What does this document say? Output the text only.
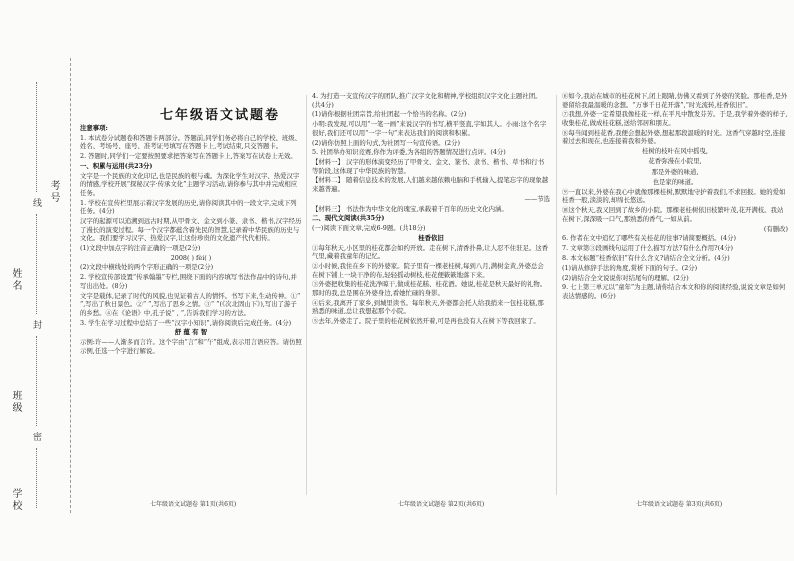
考号
姓名
班级
学校
线
封
密
七年级语文试题卷

注意事项:

1. 本试卷分试题卷和答题卡两部分。答题前,同学们务必将自己的学校、班级、姓名、考场号、座号、准考证号填写在答题卡上,考试结束,只交答题卡。

2. 答题时,同学们一定要按照要求把答案写在答题卡上,答案写在试卷上无效。

一、积累与运用(共23分)

文字是一个民族的文化印记,也是民族的根与魂。为深化学生对汉字、热爱汉字的情感,学校开展“探秘汉字·传承文化”主题学习活动,请你参与其中并完成相应任务。

1. 学校在宣传栏里展示着汉字发展的历史,请你阅读其中的一段文字,完成下列任务。(4分)

汉字的起源可以追溯到远古时期,从甲骨文、金文到小篆、隶书、楷书,汉字经历了漫长的演变过程。每一个汉字都蕴含着先民的智慧,记录着中华民族的历史与文化。我们要学习汉字、热爱汉字,让这份珍贵的文化遗产代代相传。

(1)文段中加点字的注音正确的一项是(2分)

2008( ) fèi( )

(2)文段中横线处的两个字形正确的一项是(2分)

2. 学校宣传部设置“传承翰墨”专栏,围绕下面的内容填写书法作品中的诗句,并写出出处。(8分)

文字是载体,记录了时代的风貌,也见证着古人的情怀。书写下来,生动传神。①“ ”,写出了秋日景色。②“ ”,写出了思乡之情。③“ ”(《次北固山下》),写出了游子的乡愁。④在《论语》中,孔子说“ , ”,告诉我们学习的方法。

3. 学生在学习过程中总结了一些“汉字小知识”,请你阅读后完成任务。(4分)

舒 蕴 有 智

示例:许——人渐多而言许。这个字由“言”和“午”组成,表示用言语应答。请仿照示例,任选一个字进行解说。

七年级语文试题卷 第1页(共6页)

4. 为打造一支宣传汉字的团队,推广汉字文化和精神,学校组织汉字文化主题社团。(共4分)

(1)请你根据社团宗旨,给社团起一个恰当的名称。(2分)

小明:我发现,可以用“一笔一画”来说汉字的书写,横平竖直,字如其人。小雨:这个名字很好,我们还可以用“一字一句”来表达我们的阅读和积累。

(2)请你仿照上面的句式,为社团写一句宣传语。(2分)

5. 社团举办知识竞赛,你作为评委,为各组的答题情况进行点评。(4分)

【材料一】 汉字的形体演变经历了甲骨文、金文、篆书、隶书、楷书、草书和行书等阶段,这体现了中华民族的智慧。

【材料二】 随着信息技术的发展,人们越来越依赖电脑和手机输入,提笔忘字的现象越来越普遍。

——节选

【材料三】 书法作为中华文化的瑰宝,承载着千百年的历史文化内涵。

二、现代文阅读(共35分)

(一)阅读下面文章,完成6-9题。(共18分)

桂香依旧

①每年秋天,小区里的桂花都会如约开放。走在树下,清香扑鼻,让人忍不住驻足。这香气里,藏着我童年的记忆。

②小时候,我住在乡下的外婆家。院子里有一棵老桂树,每到八月,满树金黄,外婆总会在树下铺上一块干净的布,轻轻摇动树枝,桂花便簌簌地落下来。

③外婆把收集的桂花洗净晾干,做成桂花糕、桂花酒。她说,桂花是秋天最好的礼物。那时的我,总是围在外婆身边,看她忙碌的身影。

④后来,我离开了家乡,到城里读书。每年秋天,外婆都会托人给我捎来一包桂花糕,那熟悉的味道,总让我想起那个小院。

⑤去年,外婆走了。院子里的桂花树依然开着,可是再也没有人在树下等我回家了。

七年级语文试题卷 第2页(共6页)

⑥如今,我站在城市的桂花树下,闭上眼睛,仿佛又看到了外婆的笑脸。那桂香,是外婆留给我最温暖的念想。“万事千日花开落”,“时光流转,桂香依旧”。

⑦我想,外婆一定希望我像桂花一样,在平凡中散发芬芳。于是,我学着外婆的样子,收集桂花,做成桂花糕,送给邻居和朋友。

⑧每当闻到桂花香,我便会想起外婆,想起那段温暖的时光。这香气穿越时空,连接着过去和现在,也连接着我和外婆。

桂树的枝叶在风中摇曳,

花香弥漫在小院里,

那是外婆的味道,

也是家的味道。

⑨一直以来,外婆在我心中就像那棵桂树,默默地守护着我们,不求回报。她的爱如桂香一般,淡淡的,却绵长悠远。

⑩这个秋天,我又回到了故乡的小院。那棵老桂树依旧枝繁叶茂,花开满枝。我站在树下,深深吸一口气,那熟悉的香气,一如从前。

(有删改)

6. 作者在文中追忆了哪些有关桂花的往事?请简要概括。(4分)

7. 文章第③段画线句运用了什么描写方法?有什么作用?(4分)

8. 本文标题“桂香依旧”有什么含义?请结合全文分析。(4分)

(1)请从修辞手法的角度,赏析下面的句子。(2分)

(2)请结合全文说说你对结尾句的理解。(2分)

9. 七上第三单元以“童年”为主题,请你结合本文和你的阅读经验,说说文章是如何表达情感的。(6分)

七年级语文试题卷 第3页(共6页)
